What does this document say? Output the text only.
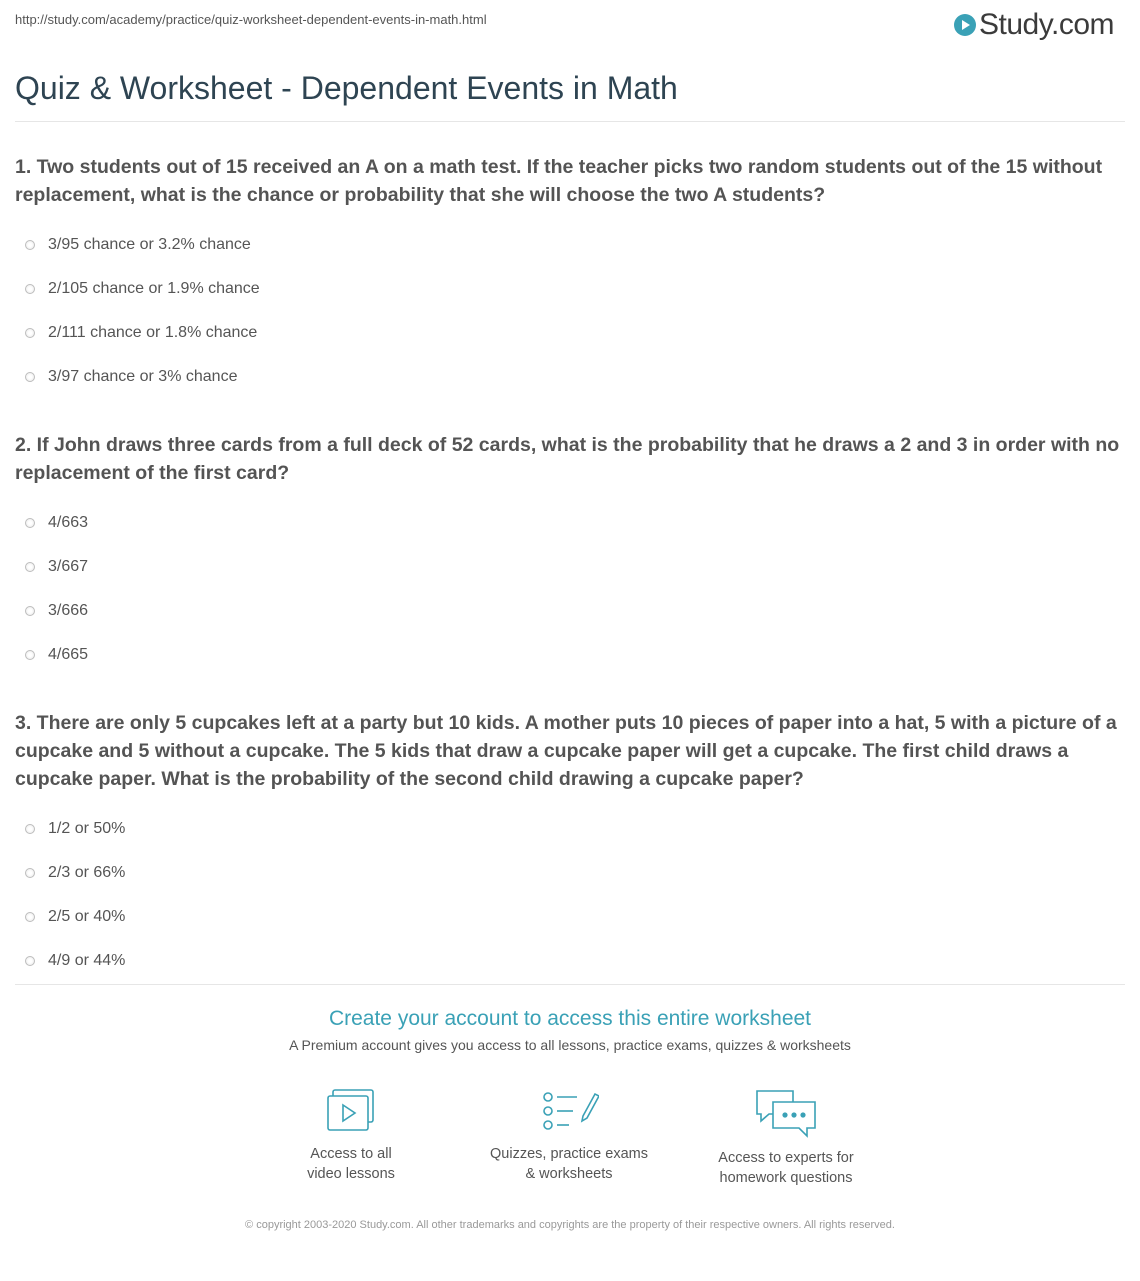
http://study.com/academy/practice/quiz-worksheet-dependent-events-in-math.html	Study.com
Quiz & Worksheet - Dependent Events in Math

1. Two students out of 15 received an A on a math test. If the teacher picks two random students out of the 15 without replacement, what is the chance or probability that she will choose the two A students?

3/95 chance or 3.2% chance
2/105 chance or 1.9% chance
2/111 chance or 1.8% chance
3/97 chance or 3% chance

2. If John draws three cards from a full deck of 52 cards, what is the probability that he draws a 2 and 3 in order with no replacement of the first card?

4/663
3/667
3/666
4/665

3. There are only 5 cupcakes left at a party but 10 kids. A mother puts 10 pieces of paper into a hat, 5 with a picture of a cupcake and 5 without a cupcake. The 5 kids that draw a cupcake paper will get a cupcake. The first child draws a cupcake paper. What is the probability of the second child drawing a cupcake paper?

1/2 or 50%
2/3 or 66%
2/5 or 40%
4/9 or 44%
Create your account to access this entire worksheet

A Premium account gives you access to all lessons, practice exams, quizzes & worksheets

Access to all
video lessons
Quizzes, practice exams
& worksheets
Access to experts for
homework questions

© copyright 2003-2020 Study.com. All other trademarks and copyrights are the property of their respective owners. All rights reserved.
